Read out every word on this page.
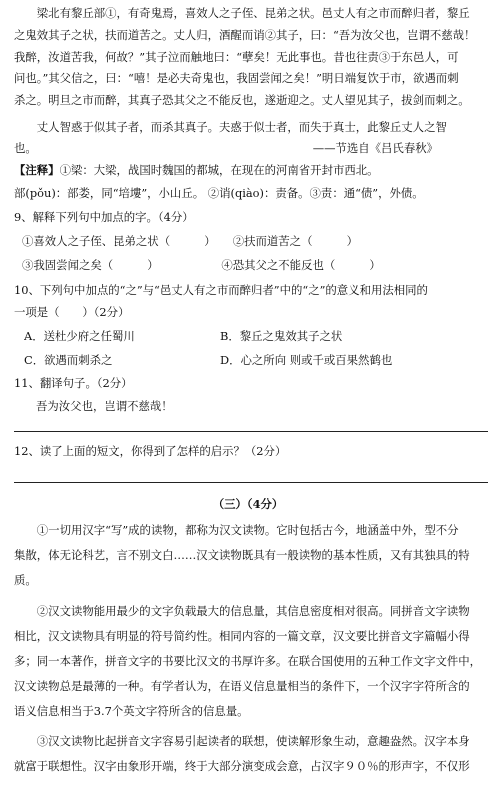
　　梁北有黎丘部①，有奇鬼焉，喜效人之子侄、昆弟之状。邑丈人有之市而醉归者，黎丘
之鬼效其子之状，扶而道苦之。丈人归，酒醒而诮②其子，曰：“吾为汝父也，岂谓不慈哉！
我醉，汝道苦我，何故？”其子泣而触地曰：“孽矣！无此事也。昔也往责③于东邑人，可
问也。”其父信之，曰：“嘻！是必夫奇鬼也，我固尝闻之矣！”明日端复饮于市，欲遇而刺
杀之。明旦之市而醉，其真子恐其父之不能反也，遂逝迎之。丈人望见其子，拔剑而刺之。
　　丈人智惑于似其子者，而杀其真子。夫惑于似士者，而失于真士，此黎丘丈人之智
也。	——节选自《吕氏春秋》
【注释】①梁：大梁，战国时魏国的都城，在现在的河南省开封市西北。
部(pǒu)：部娄，同“培塿”，小山丘。 ②诮(qiào)：责备。③责：通“债”，外债。
9、解释下列句中加点的字。（4分）
①喜效人之子侄、昆弟之状（　　　）　　②扶而道苦之（　　　）
③我固尝闻之矣（　　　）　　　　　　④恐其父之不能反也（　　　）
10、下列句中加点的“之”与“邑丈人有之市而醉归者”中的“之”的意义和用法相同的
一项是（　　）（2分）
A．送杜少府之任蜀川	B．黎丘之鬼效其子之状
C．欲遇而刺杀之	D．心之所向 则或千或百果然鹤也
11、翻译句子。（2分）
吾为汝父也，岂谓不慈哉！
12、读了上面的短文，你得到了怎样的启示？（2分）
（三）（4分）
　　①一切用汉字“写”成的读物，都称为汉文读物。它时包括古今，地涵盖中外，型不分
集散，体无论科艺，言不别文白……汉文读物既具有一般读物的基本性质，又有其独具的特
质。
　　②汉文读物能用最少的文字负载最大的信息量，其信息密度相对很高。同拼音文字读物
相比，汉文读物具有明显的符号简约性。相同内容的一篇文章，汉文要比拼音文字篇幅小得
多；同一本著作，拼音文字的书要比汉文的书厚许多。在联合国使用的五种工作文字文件中，
汉文读物总是最薄的一种。有学者认为，在语义信息量相当的条件下，一个汉字字符所含的
语义信息相当于3.7个英文字符所含的信息量。
　　③汉文读物比起拼音文字容易引起读者的联想，使读解形象生动，意趣盎然。汉字本身
就富于联想性。汉字由象形开端，终于大部分演变成会意，占汉字９０％的形声字，不仅形
